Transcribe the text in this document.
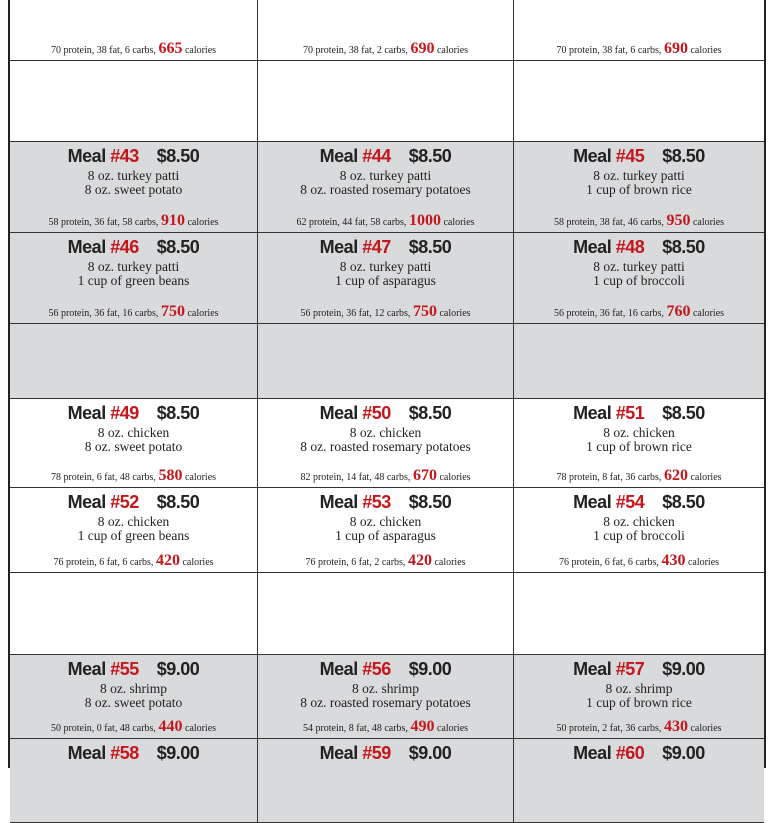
70 protein, 38 fat, 6 carbs, 665 calories	70 protein, 38 fat, 2 carbs, 690 calories	70 protein, 38 fat, 6 carbs, 690 calories
Meal #43 $8.50
8 oz. turkey patti
8 oz. sweet potato
58 protein, 36 fat, 58 carbs, 910 calories
Meal #44 $8.50
8 oz. turkey patti
8 oz. roasted rosemary potatoes
62 protein, 44 fat, 58 carbs, 1000 calories
Meal #45 $8.50
8 oz. turkey patti
1 cup of brown rice
58 protein, 38 fat, 46 carbs, 950 calories
Meal #46 $8.50
8 oz. turkey patti
1 cup of green beans
56 protein, 36 fat, 16 carbs, 750 calories
Meal #47 $8.50
8 oz. turkey patti
1 cup of asparagus
56 protein, 36 fat, 12 carbs, 750 calories
Meal #48 $8.50
8 oz. turkey patti
1 cup of broccoli
56 protein, 36 fat, 16 carbs, 760 calories
Meal #49 $8.50
8 oz. chicken
8 oz. sweet potato
78 protein, 6 fat, 48 carbs, 580 calories
Meal #50 $8.50
8 oz. chicken
8 oz. roasted rosemary potatoes
82 protein, 14 fat, 48 carbs, 670 calories
Meal #51 $8.50
8 oz. chicken
1 cup of brown rice
78 protein, 8 fat, 36 carbs, 620 calories
Meal #52 $8.50
8 oz. chicken
1 cup of green beans
76 protein, 6 fat, 6 carbs, 420 calories
Meal #53 $8.50
8 oz. chicken
1 cup of asparagus
76 protein, 6 fat, 2 carbs, 420 calories
Meal #54 $8.50
8 oz. chicken
1 cup of broccoli
76 protein, 6 fat, 6 carbs, 430 calories
Meal #55 $9.00
8 oz. shrimp
8 oz. sweet potato
50 protein, 0 fat, 48 carbs, 440 calories
Meal #56 $9.00
8 oz. shrimp
8 oz. roasted rosemary potatoes
54 protein, 8 fat, 48 carbs, 490 calories
Meal #57 $9.00
8 oz. shrimp
1 cup of brown rice
50 protein, 2 fat, 36 carbs, 430 calories
Meal #58 $9.00	Meal #59 $9.00	Meal #60 $9.00
